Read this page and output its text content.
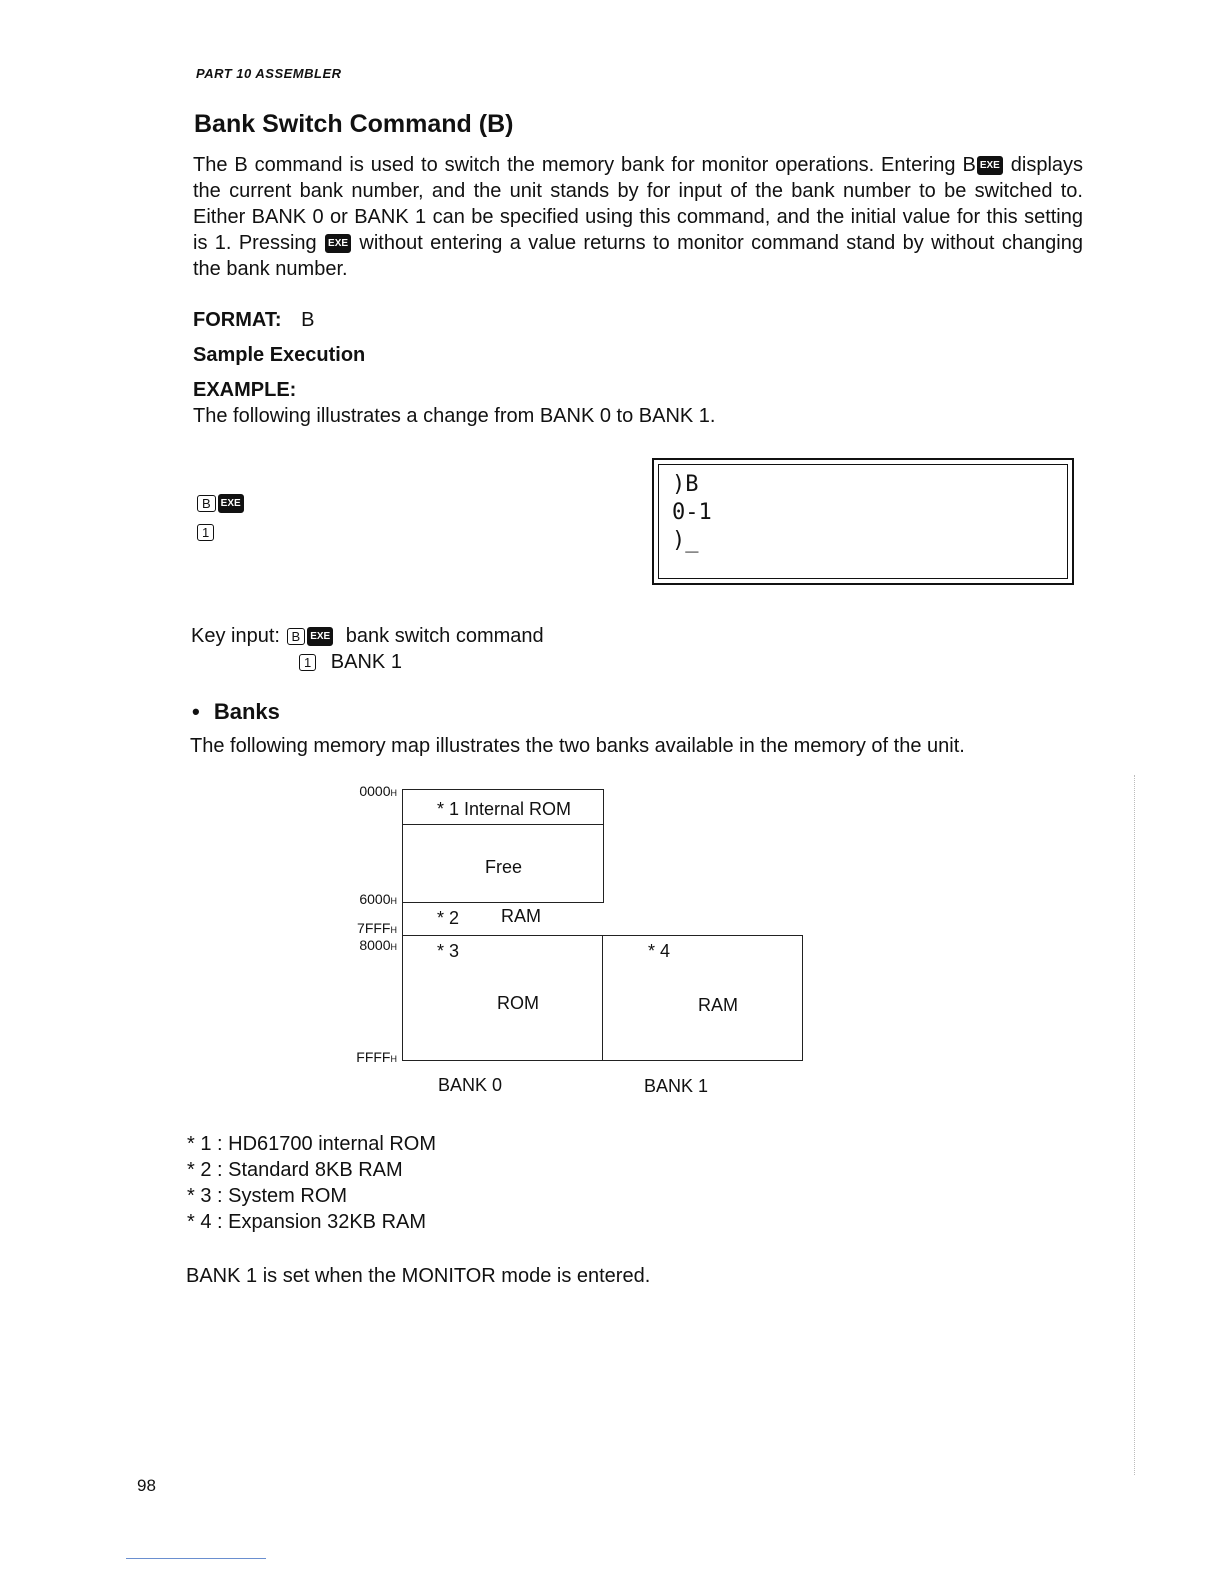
PART 10 ASSEMBLER
Bank Switch Command (B)
The B command is used to switch the memory bank for monitor operations. Entering B EXE displays the current bank number, and the unit stands by for input of the bank number to be switched to. Either BANK 0 or BANK 1 can be specified using this command, and the initial value for this setting is 1. Pressing EXE without entering a value returns to monitor command stand by without changing the bank number.
FORMAT: B
Sample Execution
EXAMPLE:
The following illustrates a change from BANK 0 to BANK 1.
B EXE
1
)B
0-1
)_
Key input: B EXE bank switch command
1 BANK 1
• Banks
The following memory map illustrates the two banks available in the memory of the unit.
* 1 Internal ROM
Free
* 2 RAM
* 3
ROM
* 4
RAM
0000H
6000H
7FFFH
8000H
FFFFH
BANK 0	BANK 1
* 1 : HD61700 internal ROM
* 2 : Standard 8KB RAM
* 3 : System ROM
* 4 : Expansion 32KB RAM
BANK 1 is set when the MONITOR mode is entered.
98
